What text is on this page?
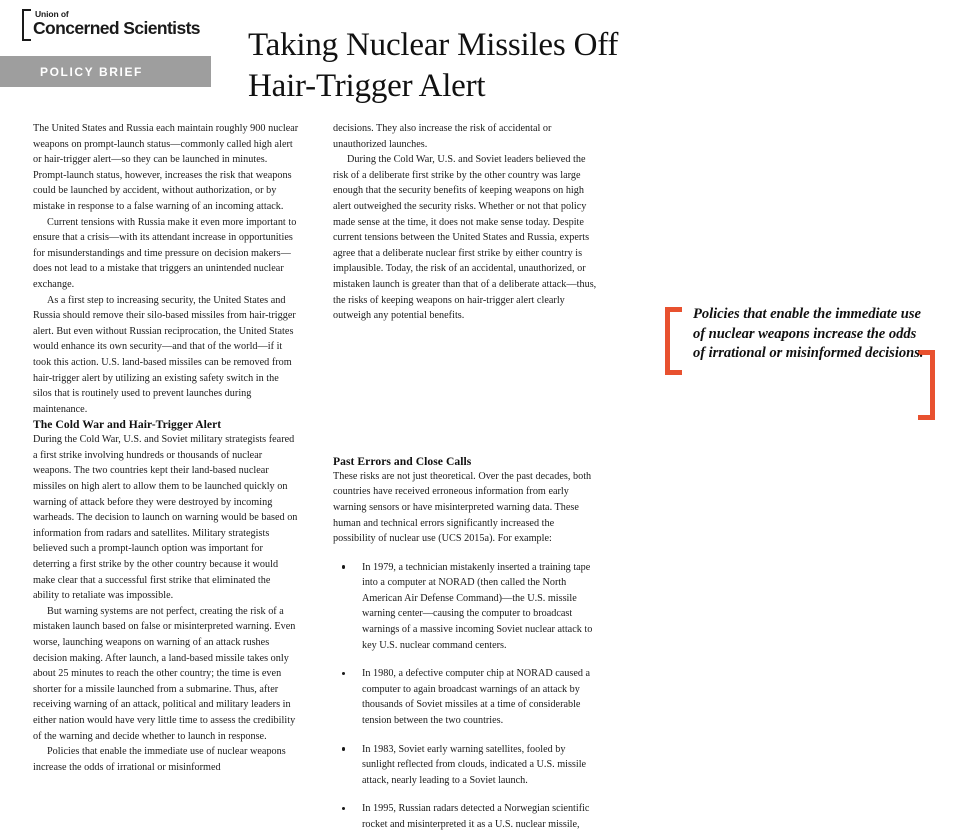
Union of
Concerned Scientists
POLICY BRIEF
Taking Nuclear Missiles Off
Hair-Trigger Alert

The United States and Russia each maintain roughly 900 nuclear weapons on prompt-launch status—commonly called high alert or hair-trigger alert—so they can be launched in minutes. Prompt-launch status, however, increases the risk that weapons could be launched by accident, without authorization, or by mistake in response to a false warning of an incoming attack.

Current tensions with Russia make it even more important to ensure that a crisis—with its attendant increase in opportunities for misunderstandings and time pressure on decision makers—does not lead to a mistake that triggers an unintended nuclear exchange.

As a first step to increasing security, the United States and Russia should remove their silo-based missiles from hair-trigger alert. But even without Russian reciprocation, the United States would enhance its own security—and that of the world—if it took this action. U.S. land-based missiles can be removed from hair-trigger alert by utilizing an existing safety switch in the silos that is routinely used to prevent launches during maintenance.

The Cold War and Hair-Trigger Alert

During the Cold War, U.S. and Soviet military strategists feared a first strike involving hundreds or thousands of nuclear weapons. The two countries kept their land-based nuclear missiles on high alert to allow them to be launched quickly on warning of attack before they were destroyed by incoming warheads. The decision to launch on warning would be based on information from radars and satellites. Military strategists believed such a prompt-launch option was important for deterring a first strike by the other country because it would make clear that a successful first strike that eliminated the ability to retaliate was impossible.

But warning systems are not perfect, creating the risk of a mistaken launch based on false or misinterpreted warning. Even worse, launching weapons on warning of an attack rushes decision making. After launch, a land-based missile takes only about 25 minutes to reach the other country; the time is even shorter for a missile launched from a submarine. Thus, after receiving warning of an attack, political and military leaders in either nation would have very little time to assess the credibility of the warning and decide whether to launch in response.

Policies that enable the immediate use of nuclear weapons increase the odds of irrational or misinformed

decisions. They also increase the risk of accidental or unauthorized launches.

During the Cold War, U.S. and Soviet leaders believed the risk of a deliberate first strike by the other country was large enough that the security benefits of keeping weapons on high alert outweighed the security risks. Whether or not that policy made sense at the time, it does not make sense today. Despite current tensions between the United States and Russia, experts agree that a deliberate nuclear first strike by either country is implausible. Today, the risk of an accidental, unauthorized, or mistaken launch is greater than that of a deliberate attack—thus, the risks of keeping weapons on hair-trigger alert clearly outweigh any potential benefits.	Policies that enable the immediate use of nuclear weapons increase the odds of irrational or misinformed decisions.
Past Errors and Close Calls

These risks are not just theoretical. Over the past decades, both countries have received erroneous information from early warning sensors or have misinterpreted warning data. These human and technical errors significantly increased the possibility of nuclear use (UCS 2015a). For example:

In 1979, a technician mistakenly inserted a training tape into a computer at NORAD (then called the North American Air Defense Command)—the U.S. missile warning center—causing the computer to broadcast warnings of a massive incoming Soviet nuclear attack to key U.S. nuclear command centers.
In 1980, a defective computer chip at NORAD caused a computer to again broadcast warnings of an attack by thousands of Soviet missiles at a time of considerable tension between the two countries.
In 1983, Soviet early warning satellites, fooled by sunlight reflected from clouds, indicated a U.S. missile attack, nearly leading to a Soviet launch.
In 1995, Russian radars detected a Norwegian scientific rocket and misinterpreted it as a U.S. nuclear missile,
